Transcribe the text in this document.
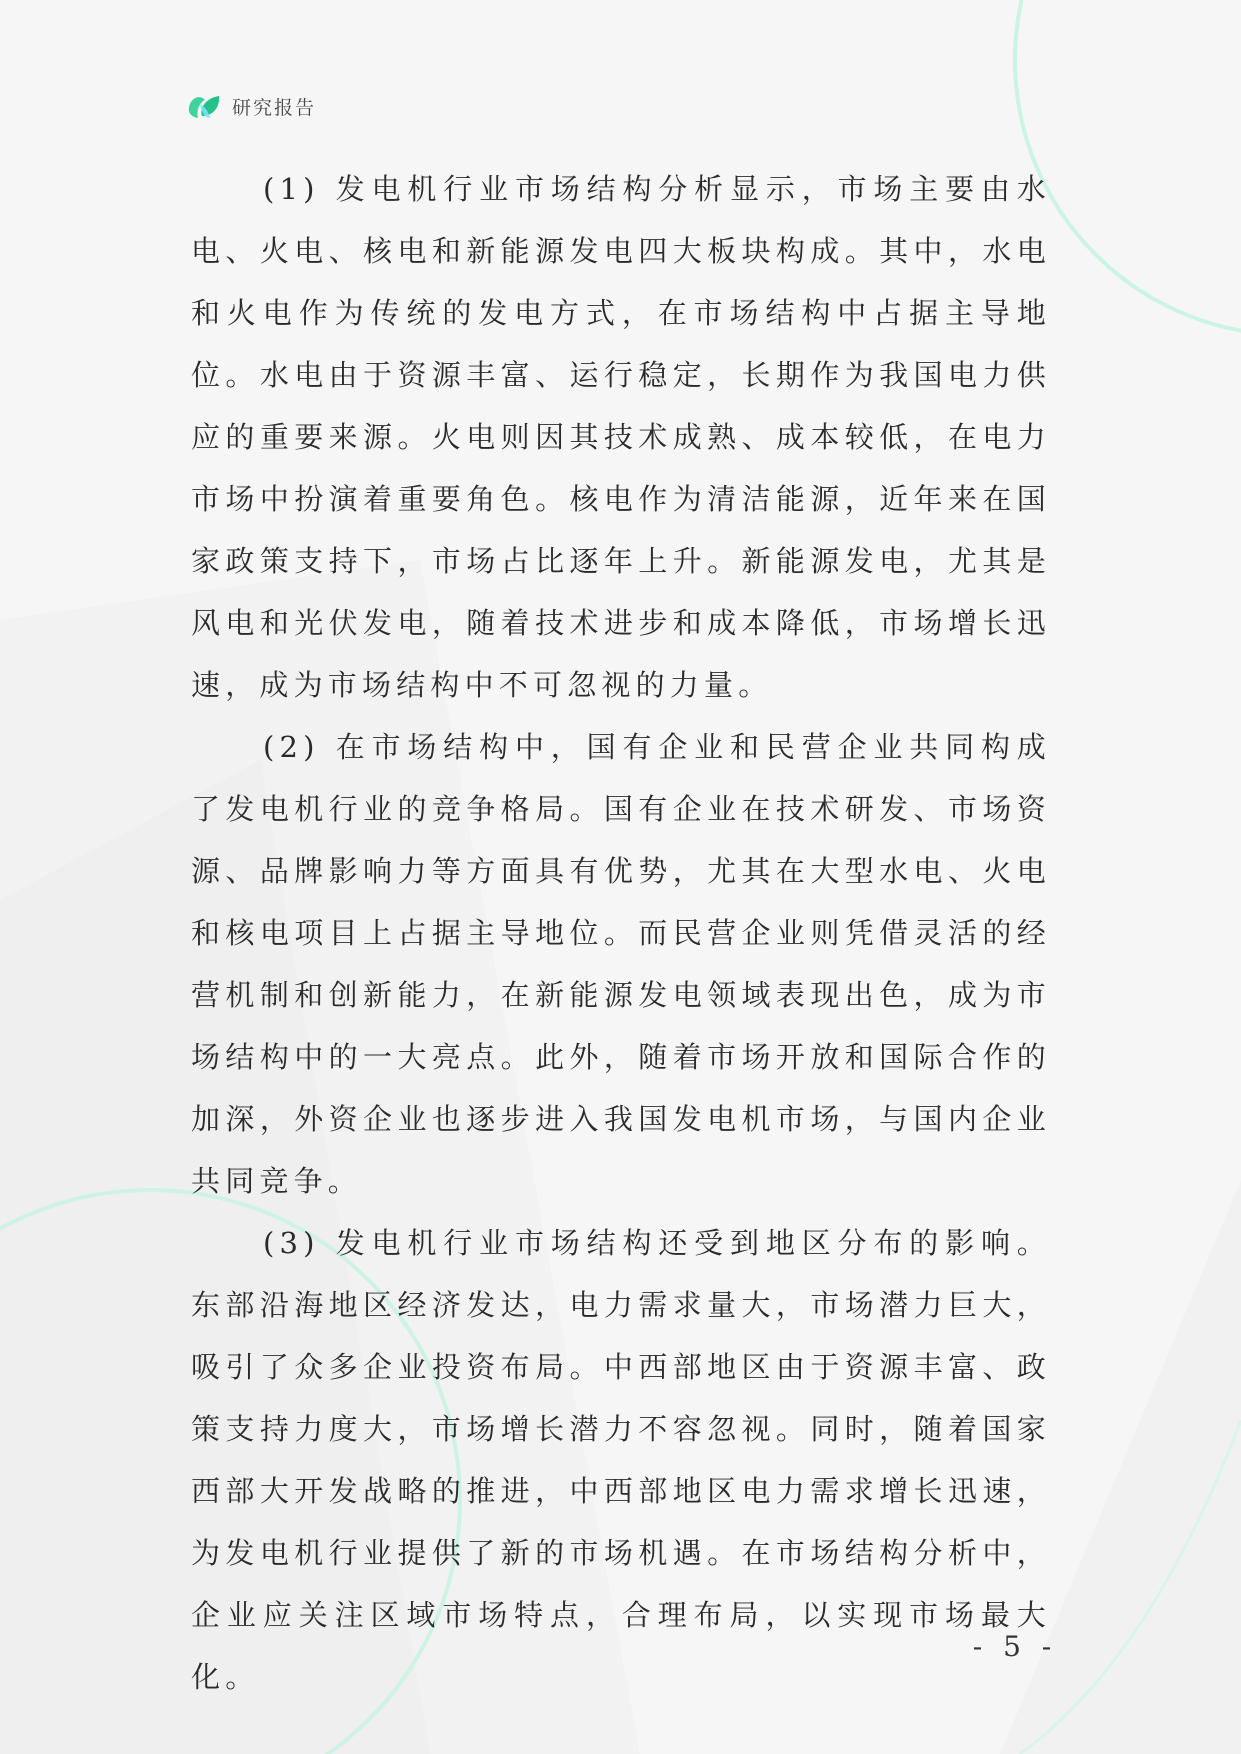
研究报告

(1) 发电机行业市场结构分析显示，市场主要由水电、火电、核电和新能源发电四大板块构成。其中，水电和火电作为传统的发电方式，在市场结构中占据主导地位。水电由于资源丰富、运行稳定，长期作为我国电力供应的重要来源。火电则因其技术成熟、成本较低，在电力市场中扮演着重要角色。核电作为清洁能源，近年来在国家政策支持下，市场占比逐年上升。新能源发电，尤其是风电和光伏发电，随着技术进步和成本降低，市场增长迅速，成为市场结构中不可忽视的力量。

(2) 在市场结构中，国有企业和民营企业共同构成了发电机行业的竞争格局。国有企业在技术研发、市场资源、品牌影响力等方面具有优势，尤其在大型水电、火电和核电项目上占据主导地位。而民营企业则凭借灵活的经营机制和创新能力，在新能源发电领域表现出色，成为市场结构中的一大亮点。此外，随着市场开放和国际合作的加深，外资企业也逐步进入我国发电机市场，与国内企业共同竞争。

(3) 发电机行业市场结构还受到地区分布的影响。东部沿海地区经济发达，电力需求量大，市场潜力巨大，吸引了众多企业投资布局。中西部地区由于资源丰富、政策支持力度大，市场增长潜力不容忽视。同时，随着国家西部大开发战略的推进，中西部地区电力需求增长迅速，为发电机行业提供了新的市场机遇。在市场结构分析中，企业应关注区域市场特点，合理布局，以实现市场最大化。

- 5 -
